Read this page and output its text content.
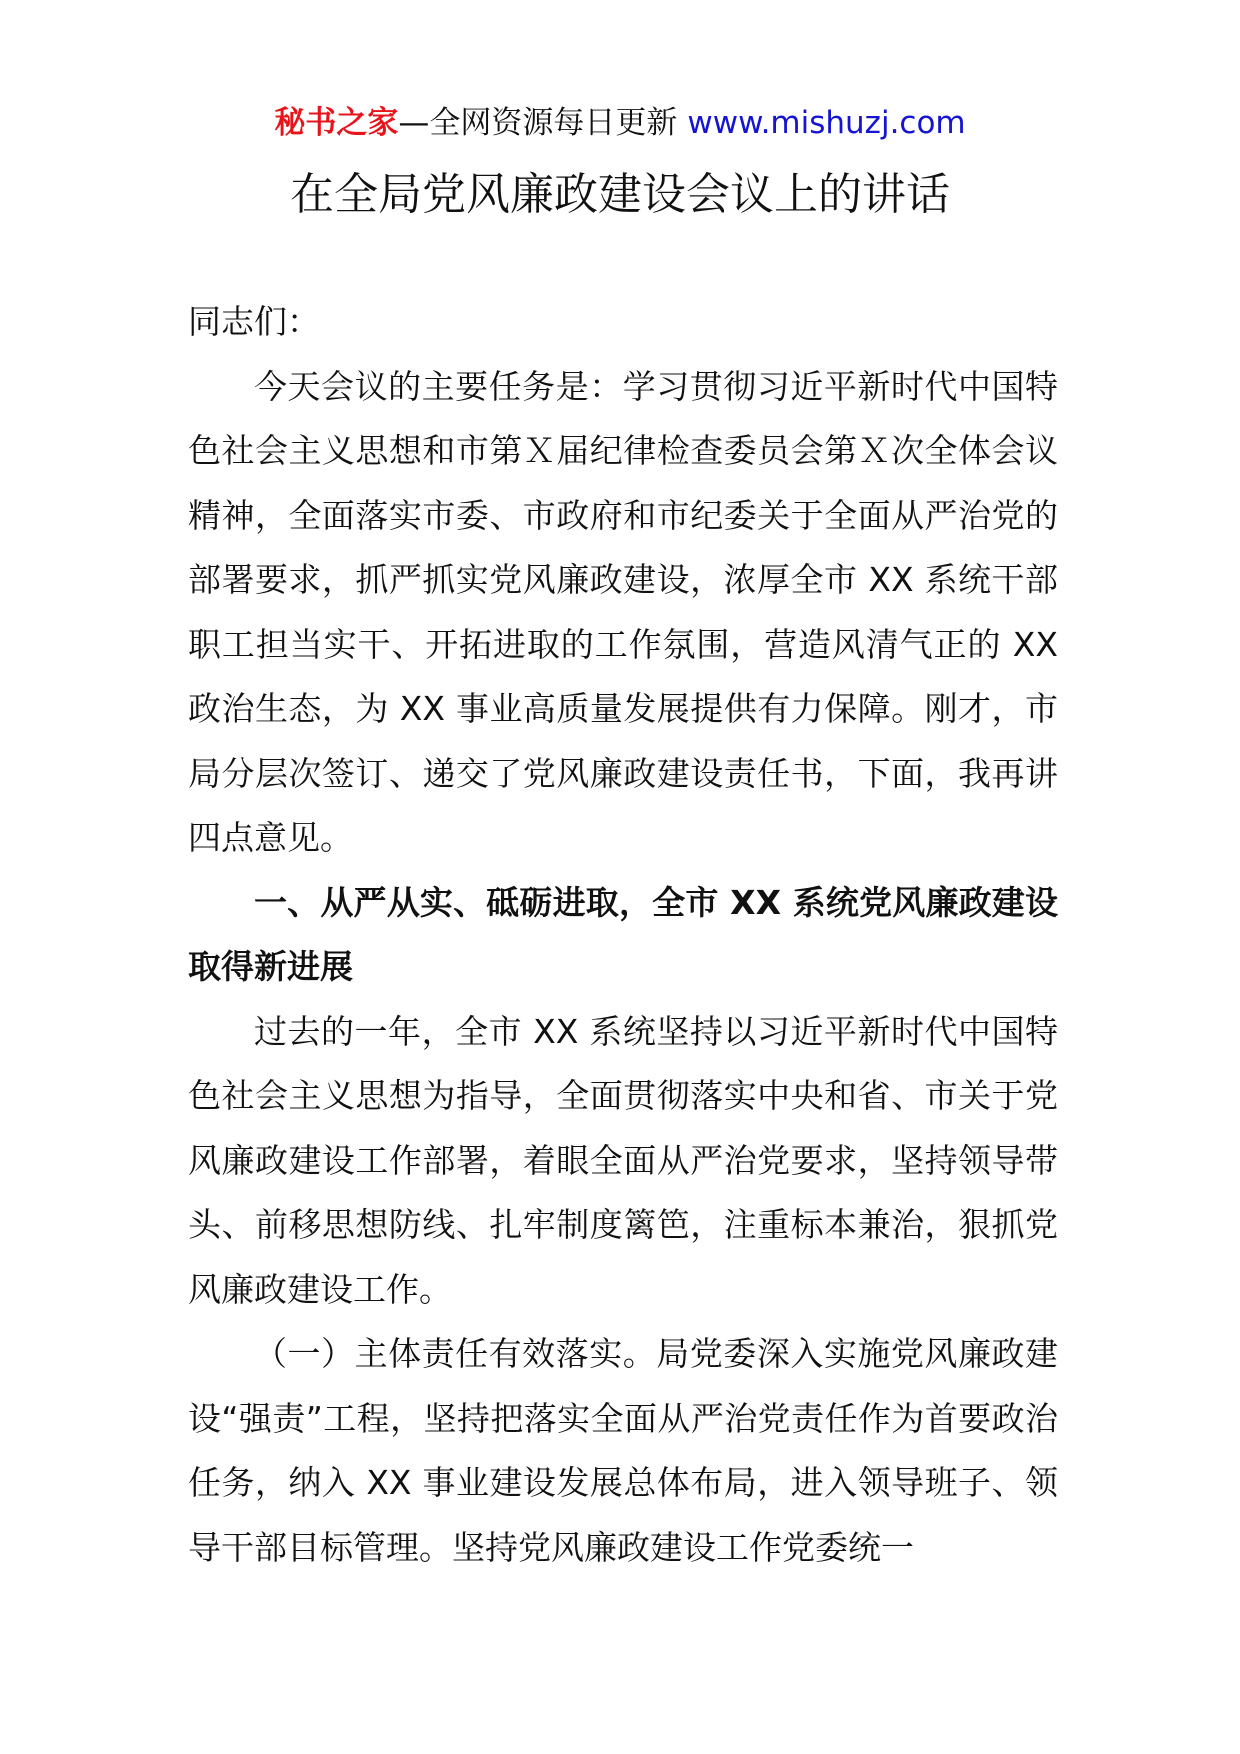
秘书之家—全网资源每日更新 www.mishuzj.com
在全局党风廉政建设会议上的讲话

同志们：

今天会议的主要任务是：学习贯彻习近平新时代中国特色社会主义思想和市第Ｘ届纪律检查委员会第Ｘ次全体会议精神，全面落实市委、市政府和市纪委关于全面从严治党的部署要求，抓严抓实党风廉政建设，浓厚全市 XX 系统干部职工担当实干、开拓进取的工作氛围，营造风清气正的 XX 政治生态，为 XX 事业高质量发展提供有力保障。刚才，市局分层次签订、递交了党风廉政建设责任书，下面，我再讲四点意见。

一、从严从实、砥砺进取，全市 XX 系统党风廉政建设取得新进展

过去的一年，全市 XX 系统坚持以习近平新时代中国特色社会主义思想为指导，全面贯彻落实中央和省、市关于党风廉政建设工作部署，着眼全面从严治党要求，坚持领导带头、前移思想防线、扎牢制度篱笆，注重标本兼治，狠抓党风廉政建设工作。

（一）主体责任有效落实。局党委深入实施党风廉政建设“强责”工程，坚持把落实全面从严治党责任作为首要政治任务，纳入 XX 事业建设发展总体布局，进入领导班子、领导干部目标管理。坚持党风廉政建设工作党委统一
